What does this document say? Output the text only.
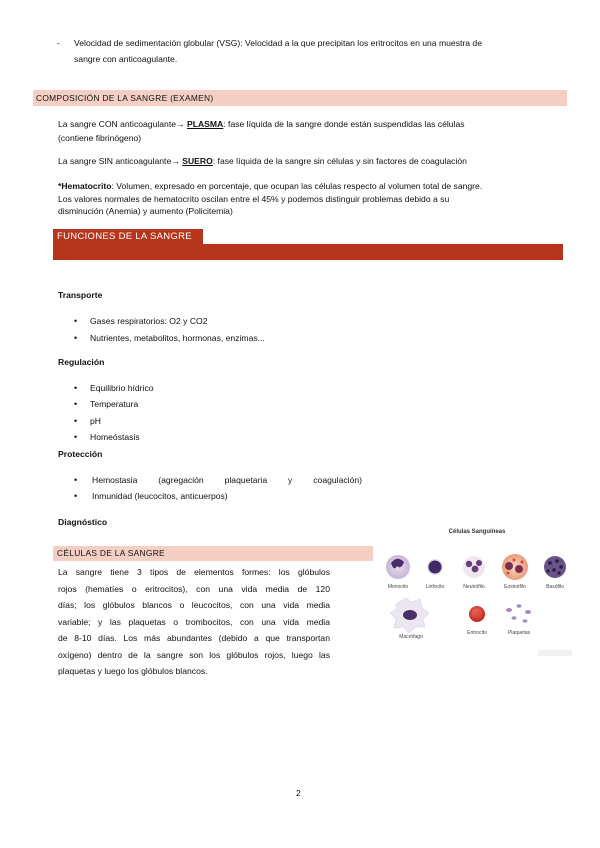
- Velocidad de sedimentación globular (VSG): Velocidad a la que precipitan los eritrocitos en una muestra de
sangre con anticoagulante.
COMPOSICIÓN DE LA SANGRE (EXAMEN)
La sangre CON anticoagulante→ PLASMA: fase líquida de la sangre donde están suspendidas las células
(contiene fibrinógeno)
La sangre SIN anticoagulante→ SUERO: fase líquida de la sangre sin células y sin factores de coagulación
*Hematocrito: Volumen, expresado en porcentaje, que ocupan las células respecto al volumen total de sangre.
Los valores normales de hematocrito oscilan entre el 45% y podemos distinguir problemas debido a su
disminución (Anemia) y aumento (Policitemia)
FUNCIONES DE LA SANGRE
Transporte
• Gases respiratorios: O2 y CO2
• Nutrientes, metabolitos, hormonas, enzimas...
Regulación
• Equilibrio hídrico
• Temperatura
• pH
• Homeóstasis
Protección
• Hemostasia (agregación plaquetaria y coagulación)
• Inmunidad (leucocitos, anticuerpos)
Diagnóstico
CÉLULAS DE LA SANGRE
La sangre tiene 3 tipos de elementos formes: los glóbulos
rojos (hematíes o eritrocitos), con una vida media de 120
días; los glóbulos blancos o leucocitos, con una vida media
variable; y las plaquetas o trombocitos, con una vida media
de 8-10 días. Los más abundantes (debido a que transportan
oxígeno) dentro de la sangre son los glóbulos rojos, luego las
plaquetas y luego los glóbulos blancos.
Células Sanguíneas
Monocito	Linfocito	Neutrófilo	Eosinófilo	Basófilo
Macrófago
Eritrocito	Plaquetas
2
